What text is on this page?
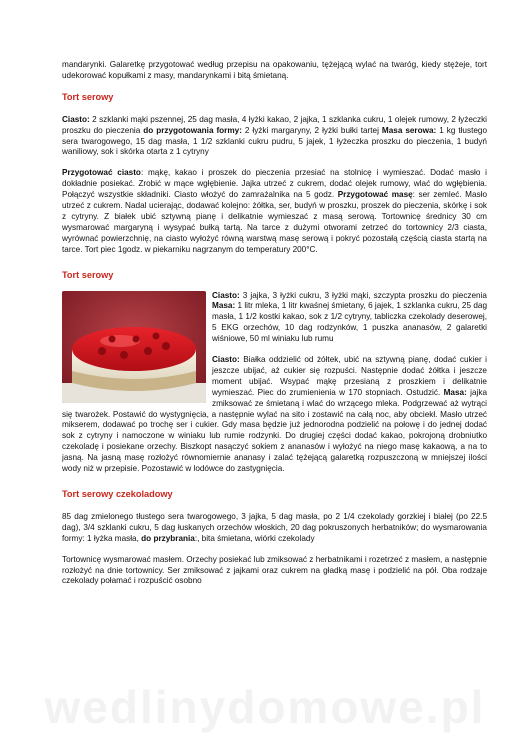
mandarynki. Galaretkę przygotować według przepisu na opakowaniu, tężejącą wylać na twaróg, kiedy stężeje, tort udekorować kopułkami z masy, mandarynkami i bitą śmietaną.

Tort serowy

Ciasto: 2 szklanki mąki pszennej, 25 dag masła, 4 łyżki kakao, 2 jajka, 1 szklanka cukru, 1 olejek rumowy, 2 łyżeczki proszku do pieczenia do przygotowania formy: 2 łyżki margaryny, 2 łyżki bułki tartej Masa serowa: 1 kg tłustego sera twarogowego, 15 dag masła, 1 1/2 szklanki cukru pudru, 5 jajek, 1 łyżeczka proszku do pieczenia, 1 budyń waniliowy, sok i skórka otarta z 1 cytryny

Przygotować ciasto: mąkę, kakao i proszek do pieczenia przesiać na stolnicę i wymieszać. Dodać masło i dokładnie posiekać. Zrobić w mące wgłębienie. Jajka utrzeć z cukrem, dodać olejek rumowy, wlać do wgłębienia. Połączyć wszystkie składniki. Ciasto włożyć do zamrażalnika na 5 godz. Przygotować masę: ser zemleć. Masło utrzeć z cukrem. Nadal ucierając, dodawać kolejno: żółtka, ser, budyń w proszku, proszek do pieczenia, skórkę i sok z cytryny. Z białek ubić sztywną pianę i delikatnie wymieszać z masą serową. Tortownicę średnicy 30 cm wysmarować margaryną i wysypać bułką tartą. Na tarce z dużymi otworami zetrzeć do tortownicy 2/3 ciasta, wyrównać powierzchnię, na ciasto wyłożyć równą warstwą masę serową i pokryć pozostałą częścią ciasta startą na tarce. Tort piec 1godz. w piekarniku nagrzanym do temperatury 200°C.

Tort serowy

Ciasto: 3 jajka, 3 łyżki cukru, 3 łyżki mąki, szczypta proszku do pieczenia Masa: 1 litr mleka, 1 litr kwaśnej śmietany, 6 jajek, 1 szklanka cukru, 25 dag masła, 1 1/2 kostki kakao, sok z 1/2 cytryny, tabliczka czekolady deserowej, 5 EKG orzechów, 10 dag rodzynków, 1 puszka ananasów, 2 galaretki wiśniowe, 50 ml winiaku lub rumu

Ciasto: Białka oddzielić od żółtek, ubić na sztywną pianę, dodać cukier i jeszcze ubijać, aż cukier się rozpuści. Następnie dodać żółtka i jeszcze moment ubijać. Wsypać mąkę przesianą z proszkiem i delikatnie wymieszać. Piec do zrumienienia w 170 stopniach. Ostudzić. Masa: jajka zmiksować ze śmietaną i wlać do wrzącego mleka. Podgrzewać aż wytrąci się twarożek. Postawić do wystygnięcia, a następnie wylać na sito i zostawić na całą noc, aby obciekł. Masło utrzeć mikserem, dodawać po trochę ser i cukier. Gdy masa będzie już jednorodna podzielić na połowę i do jednej dodać sok z cytryny i namoczone w winiaku lub rumie rodzynki. Do drugiej części dodać kakao, pokrojoną drobniutko czekoladę i posiekane orzechy. Biszkopt nasączyć sokiem z ananasów i wyłożyć na niego masę kakaową, a na to jasną. Na jasną masę rozłożyć równomiernie ananasy i zalać tężejącą galaretką rozpuszczoną w mniejszej ilości wody niż w przepisie. Pozostawić w lodówce do zastygnięcia.

Tort serowy czekoladowy

85 dag zmielonego tłustego sera twarogowego, 3 jajka, 5 dag masła, po 2 1/4 czekolady gorzkiej i białej (po 22.5 dag), 3/4 szklanki cukru, 5 dag łuskanych orzechów włoskich, 20 dag pokruszonych herbatników; do wysmarowania formy: 1 łyżka masła, do przybrania:, bita śmietana, wiórki czekolady

Tortownicę wysmarować masłem. Orzechy posiekać lub zmiksować z herbatnikami i rozetrzeć z masłem, a następnie rozłożyć na dnie tortownicy. Ser zmiksować z jajkami oraz cukrem na gładką masę i podzielić na pół. Oba rodzaje czekolady połamać i rozpuścić osobno

wedlinydomowe.pl
